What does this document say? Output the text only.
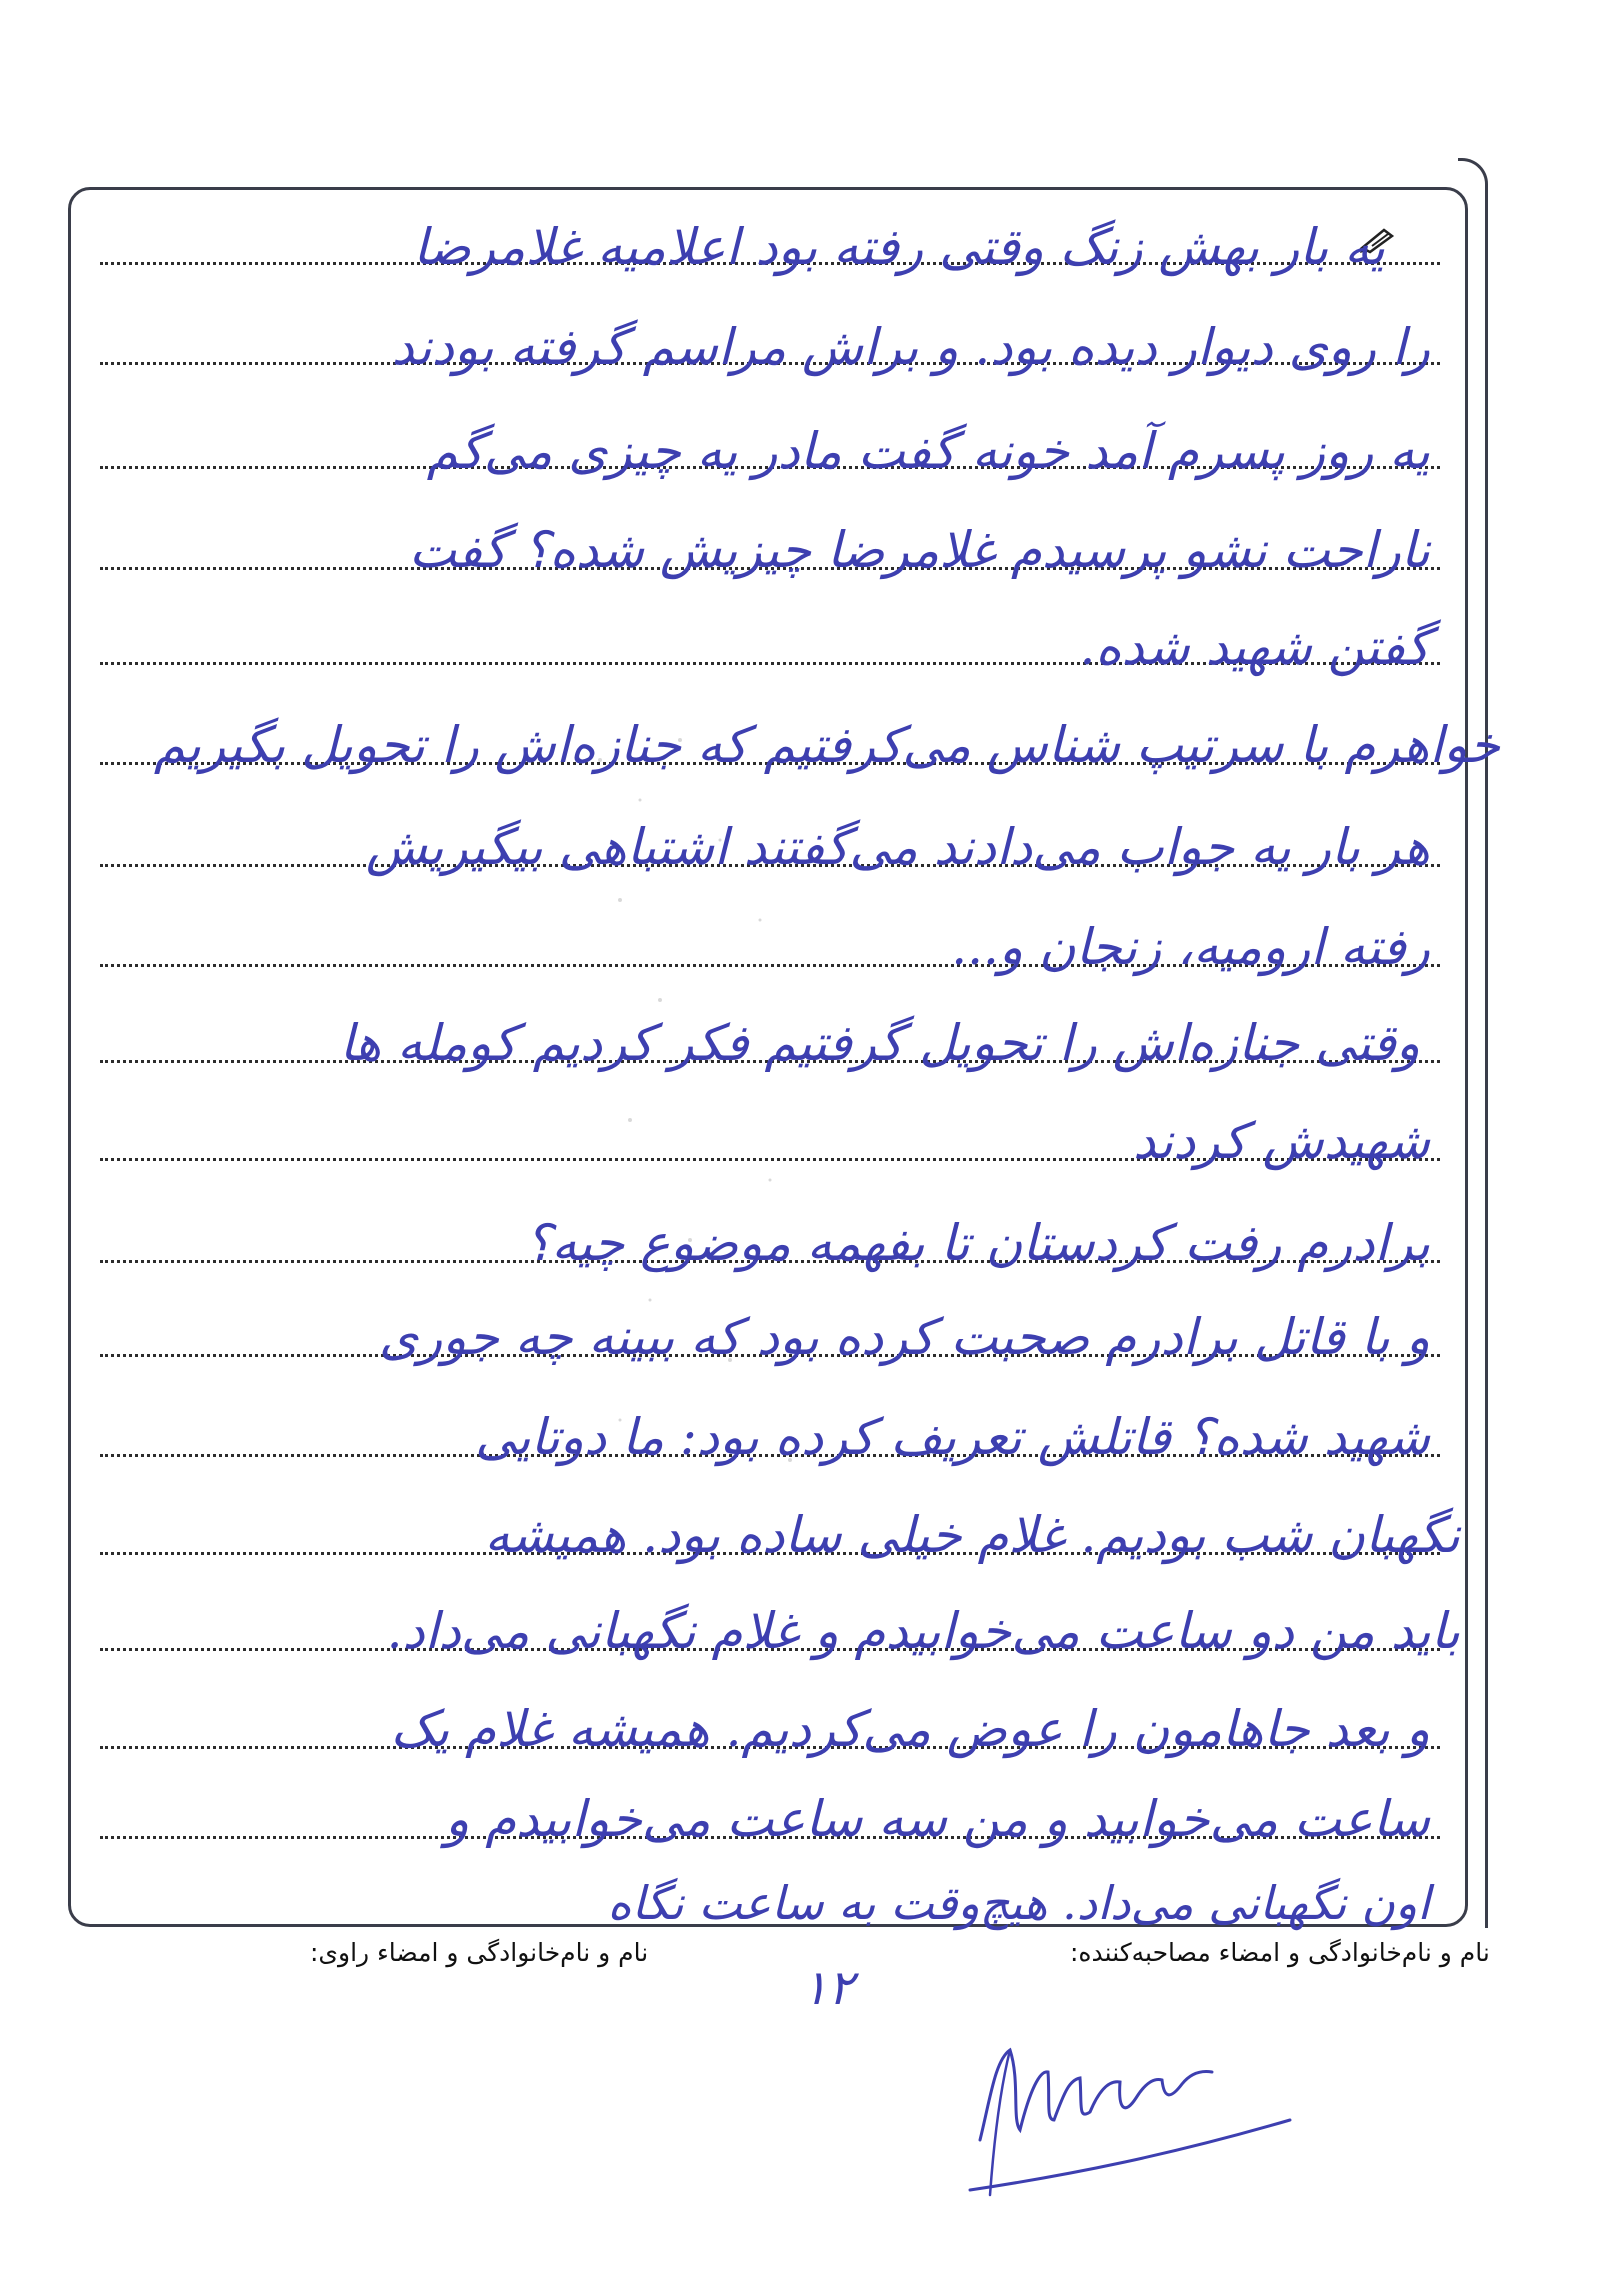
یه بار بهش زنگ وقتی رفته بود اعلامیه غلامرضا
را روی دیوار دیده بود. و براش مراسم گرفته بودند
یه روز پسرم آمد خونه گفت مادر یه چیزی می‌گم
ناراحت نشو پرسیدم غلامرضا چیزیش شده؟ گفت
گفتن شهید شده.
خواهرم با سرتیپ شناس می‌کرفتیم که جنازه‌اش را تحویل بگیریم
هر بار یه جواب می‌دادند می‌گفتند اشتباهی بیگیریش
رفته ارومیه، زنجان و...
وقتی جنازه‌اش را تحویل گرفتیم فکر کردیم کومله ها
شهیدش کردند
برادرم رفت کردستان تا بفهمه موضوع چیه؟
و با قاتل برادرم صحبت کرده بود که ببینه چه جوری
شهید شده؟ قاتلش تعریف کرده بود: ما دوتایی
نگهبان شب بودیم. غلام خیلی ساده بود. همیشه
باید من دو ساعت می‌خوابیدم و غلام نگهبانی می‌داد.
و بعد جاهامون را عوض می‌کردیم. همیشه غلام یک
ساعت می‌خوابید و من سه ساعت می‌خوابیدم و
اون نگهبانی می‌داد. هیچ‌وقت به ساعت نگاه
نام و نام‌خانوادگی و امضاء مصاحبه‌کننده:
نام و نام‌خانوادگی و امضاء راوی:
۱۲
